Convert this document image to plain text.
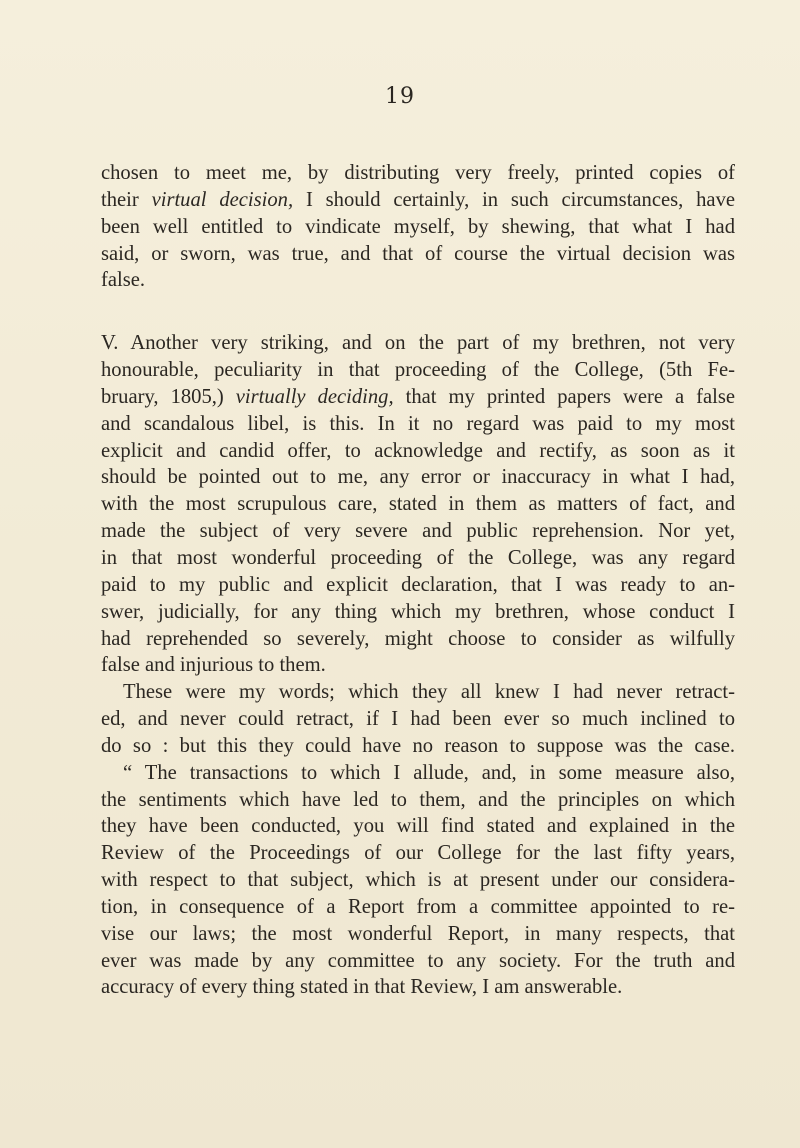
19
chosen to meet me, by distributing very freely, printed copies of
their virtual decision, I should certainly, in such circumstances, have
been well entitled to vindicate myself, by shewing, that what I had
said, or sworn, was true, and that of course the virtual decision was
false.
V. Another very striking, and on the part of my brethren, not very
honourable, peculiarity in that proceeding of the College, (5th Fe-
bruary, 1805,) virtually deciding, that my printed papers were a false
and scandalous libel, is this. In it no regard was paid to my most
explicit and candid offer, to acknowledge and rectify, as soon as it
should be pointed out to me, any error or inaccuracy in what I had,
with the most scrupulous care, stated in them as matters of fact, and
made the subject of very severe and public reprehension. Nor yet,
in that most wonderful proceeding of the College, was any regard
paid to my public and explicit declaration, that I was ready to an-
swer, judicially, for any thing which my brethren, whose conduct I
had reprehended so severely, might choose to consider as wilfully
false and injurious to them.
These were my words; which they all knew I had never retract-
ed, and never could retract, if I had been ever so much inclined to
do so : but this they could have no reason to suppose was the case.
“ The transactions to which I allude, and, in some measure also,
the sentiments which have led to them, and the principles on which
they have been conducted, you will find stated and explained in the
Review of the Proceedings of our College for the last fifty years,
with respect to that subject, which is at present under our considera-
tion, in consequence of a Report from a committee appointed to re-
vise our laws; the most wonderful Report, in many respects, that
ever was made by any committee to any society. For the truth and
accuracy of every thing stated in that Review, I am answerable.
